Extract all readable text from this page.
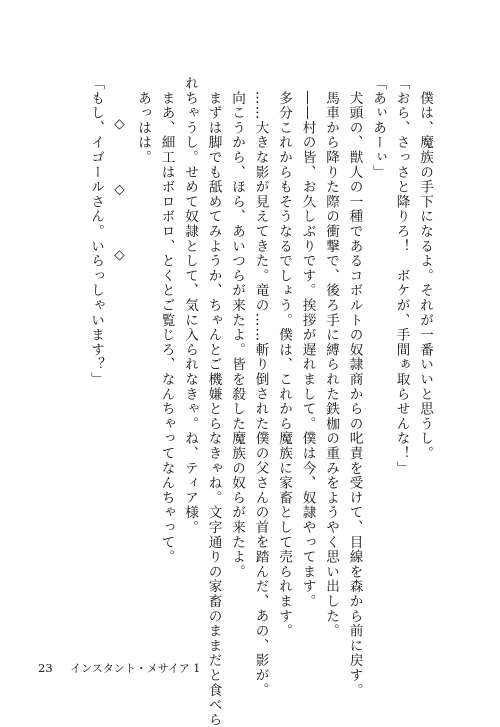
　僕は、魔族の手下になるよ。それが一番いいと思うし。
「おら、さっさと降りろ！　ボケが、手間ぁ取らせんな！」
「あぃあーぃ」
　犬頭の、獣人の一種であるコボルトの奴隷商からの叱責を受けて、目線を森から前に戻す。
　馬車から降りた際の衝撃で、後ろ手に縛られた鉄枷の重みをようやく思い出した。
　――村の皆、お久しぶりです。挨拶が遅れまして。僕は今、奴隷やってます。
　多分これからもそうなるでしょう。僕は、これから魔族に家畜として売られます。
　……大きな影が見えてきた。竜の……斬り倒された僕の父さんの首を踏んだ、あの、影が。
　向こうから、ほら、あいつらが来たよ。皆を殺した魔族の奴らが来たよ。
　まずは脚でも舐めてみようか、ちゃんとご機嫌とらなきゃね。文字通りの家畜のままだと食べら
れちゃうし。せめて奴隷として、気に入られなきゃ。ね、ティア様。
　まあ、細工はボロボロ、とくとご覧じろ、なんちゃってなんちゃって。
　あっはは。
◇　◇　◇
「もし、イゴールさん。いらっしゃいます？」
23 インスタント・メサイア 1
